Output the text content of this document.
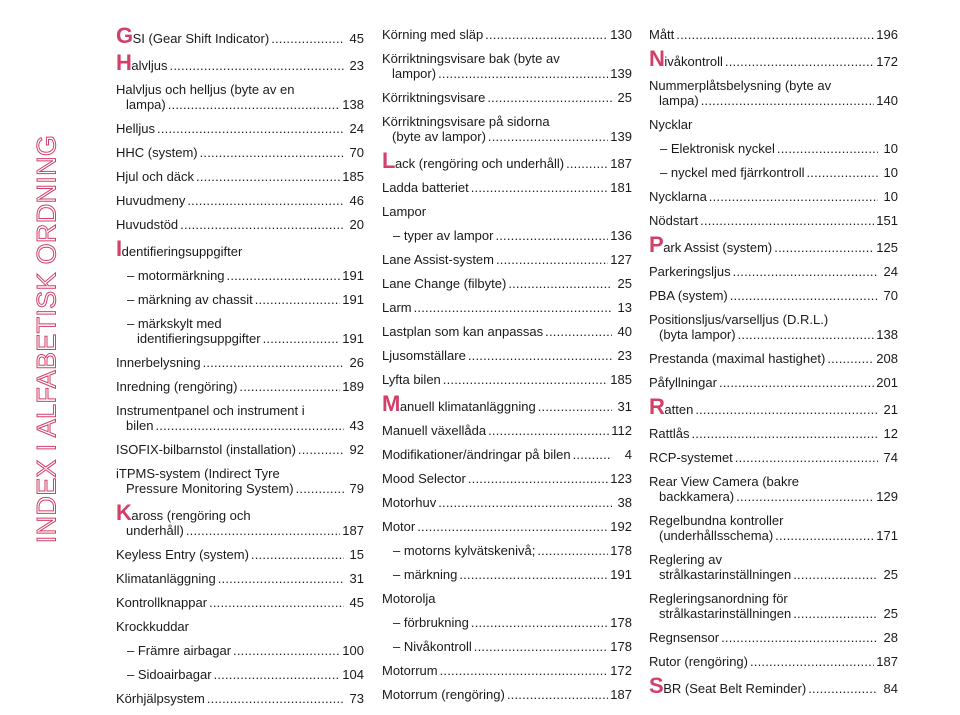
INDEX I ALFABETISK ORDNING
GSI (Gear Shift Indicator) .....	45
Halvljus .....	23
Halvljus och helljus (byte av en
lampa) .....	138
Helljus .....	24
HHC (system) .....	70
Hjul och däck .....	185
Huvudmeny .....	46
Huvudstöd .....	20
Identifieringsuppgifter
– motormärkning .....	191
– märkning av chassit .....	191
– märkskylt med
identifieringsuppgifter .....	191
Innerbelysning .....	26
Inredning (rengöring) .....	189
Instrumentpanel och instrument i
bilen .....	43
ISOFIX-bilbarnstol (installation) .....	92
iTPMS-system (Indirect Tyre
Pressure Monitoring System) .....	79
Kaross (rengöring och
underhåll) .....	187
Keyless Entry (system) .....	15
Klimatanläggning .....	31
Kontrollknappar .....	45
Krockkuddar
– Främre airbagar .....	100
– Sidoairbagar .....	104
Körhjälpsystem .....	73
Körning med släp .....	130
Körriktningsvisare bak (byte av
lampor) .....	139
Körriktningsvisare .....	25
Körriktningsvisare på sidorna
(byte av lampor) .....	139
Lack (rengöring och underhåll) .....	187
Ladda batteriet .....	181
Lampor
– typer av lampor .....	136
Lane Assist-system .....	127
Lane Change (filbyte) .....	25
Larm .....	13
Lastplan som kan anpassas .....	40
Ljusomställare .....	23
Lyfta bilen .....	185
Manuell klimatanläggning .....	31
Manuell växellåda .....	112
Modifikationer/ändringar på bilen .....	4
Mood Selector .....	123
Motorhuv .....	38
Motor .....	192
– motorns kylvätskenivå; .....	178
– märkning .....	191
Motorolja
– förbrukning .....	178
– Nivåkontroll .....	178
Motorrum .....	172
Motorrum (rengöring) .....	187
Mått .....	196
Nivåkontroll .....	172
Nummerplåtsbelysning (byte av
lampa) .....	140
Nycklar
– Elektronisk nyckel .....	10
– nyckel med fjärrkontroll .....	10
Nycklarna .....	10
Nödstart .....	151
Park Assist (system) .....	125
Parkeringsljus .....	24
PBA (system) .....	70
Positionsljus/varselljus (D.R.L.)
(byta lampor) .....	138
Prestanda (maximal hastighet) .....	208
Påfyllningar .....	201
Ratten .....	21
Rattlås .....	12
RCP-systemet .....	74
Rear View Camera (bakre
backkamera) .....	129
Regelbundna kontroller
(underhållsschema) .....	171
Reglering av
strålkastarinställningen .....	25
Regleringsanordning för
strålkastarinställningen .....	25
Regnsensor .....	28
Rutor (rengöring) .....	187
SBR (Seat Belt Reminder) .....	84
